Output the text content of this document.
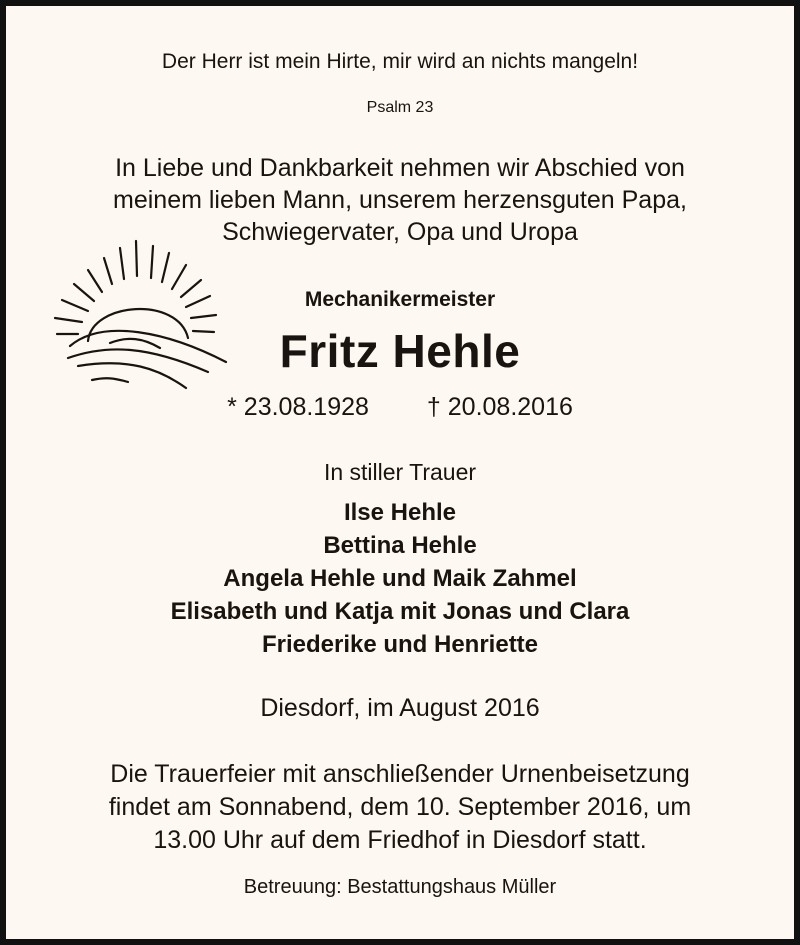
Der Herr ist mein Hirte, mir wird an nichts mangeln!
Psalm 23
In Liebe und Dankbarkeit nehmen wir Abschied von
meinem lieben Mann, unserem herzensguten Papa,
Schwiegervater, Opa und Uropa
Mechanikermeister
Fritz Hehle
* 23.08.1928 † 20.08.2016
In stiller Trauer
Ilse Hehle
Bettina Hehle
Angela Hehle und Maik Zahmel
Elisabeth und Katja mit Jonas und Clara
Friederike und Henriette
Diesdorf, im August 2016
Die Trauerfeier mit anschließender Urnenbeisetzung
findet am Sonnabend, dem 10. September 2016, um
13.00 Uhr auf dem Friedhof in Diesdorf statt.
Betreuung: Bestattungshaus Müller
